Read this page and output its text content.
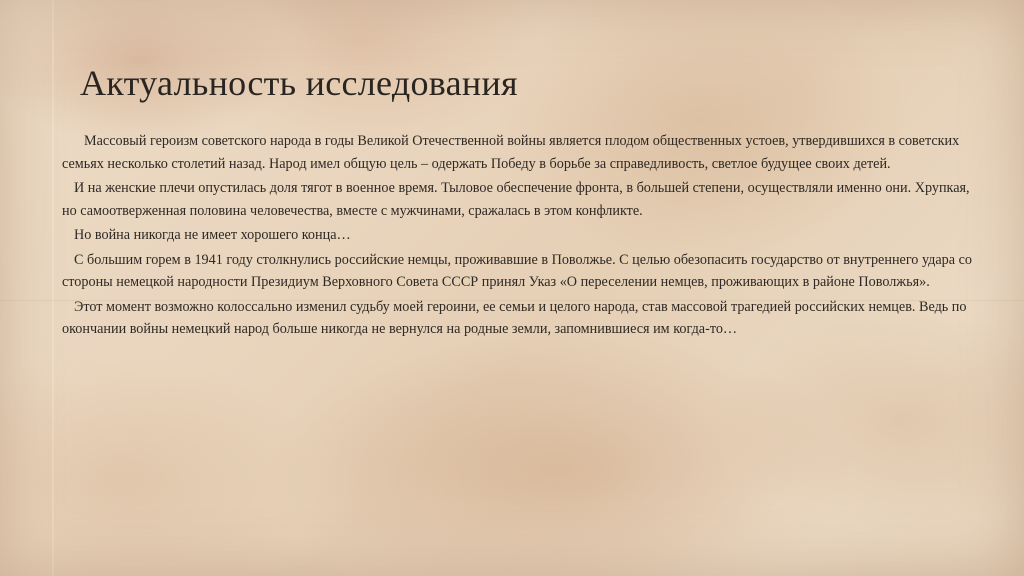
Актуальность исследования

Массовый героизм советского народа в годы Великой Отечественной войны является плодом общественных устоев, утвердившихся в советских семьях несколько столетий назад. Народ имел общую цель – одержать Победу в борьбе за справедливость, светлое будущее своих детей.

И на женские плечи опустилась доля тягот в военное время. Тыловое обеспечение фронта, в большей степени, осуществляли именно они. Хрупкая, но самоотверженная половина человечества, вместе с мужчинами, сражалась в этом конфликте.

Но война никогда не имеет хорошего конца…

С большим горем в 1941 году столкнулись российские немцы, проживавшие в Поволжье. С целью обезопасить государство от внутреннего удара со стороны немецкой народности Президиум Верховного Совета СССР принял Указ «О переселении немцев, проживающих в районе Поволжья».

Этот момент возможно колоссально изменил судьбу моей героини, ее семьи и целого народа, став массовой трагедией российских немцев. Ведь по окончании войны немецкий народ больше никогда не вернулся на родные земли, запомнившиеся им когда-то…
